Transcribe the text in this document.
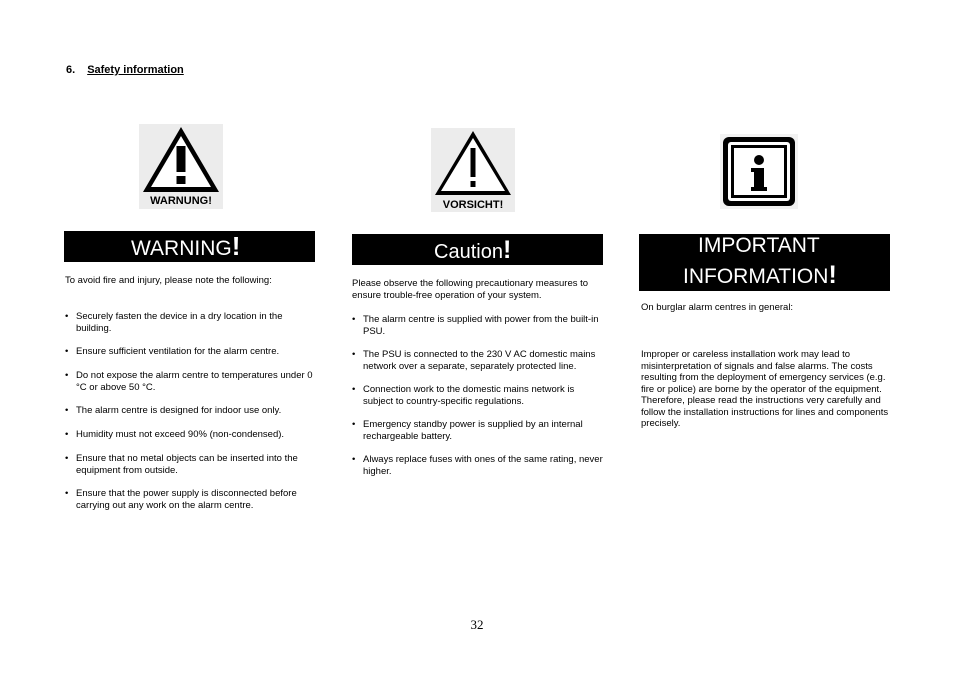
6. Safety information
WARNUNG!
WARNING!

To avoid fire and injury, please note the following:

• Securely fasten the device in a dry location in the building.
• Ensure sufficient ventilation for the alarm centre.
• Do not expose the alarm centre to temperatures under 0 °C or above 50 °C.
• The alarm centre is designed for indoor use only.
• Humidity must not exceed 90% (non-condensed).
• Ensure that no metal objects can be inserted into the equipment from outside.
• Ensure that the power supply is disconnected before carrying out any work on the alarm centre.
VORSICHT!
Caution!

Please observe the following precautionary measures to ensure trouble-free operation of your system.

• The alarm centre is supplied with power from the built-in PSU.
• The PSU is connected to the 230 V AC domestic mains network over a separate, separately protected line.
• Connection work to the domestic mains network is subject to country-specific regulations.
• Emergency standby power is supplied by an internal rechargeable battery.
• Always replace fuses with ones of the same rating, never higher.
IMPORTANT
INFORMATION!

On burglar alarm centres in general:

Improper or careless installation work may lead to misinterpretation of signals and false alarms. The costs resulting from the deployment of emergency services (e.g. fire or police) are borne by the operator of the equipment. Therefore, please read the instructions very carefully and follow the installation instructions for lines and components precisely.

32
